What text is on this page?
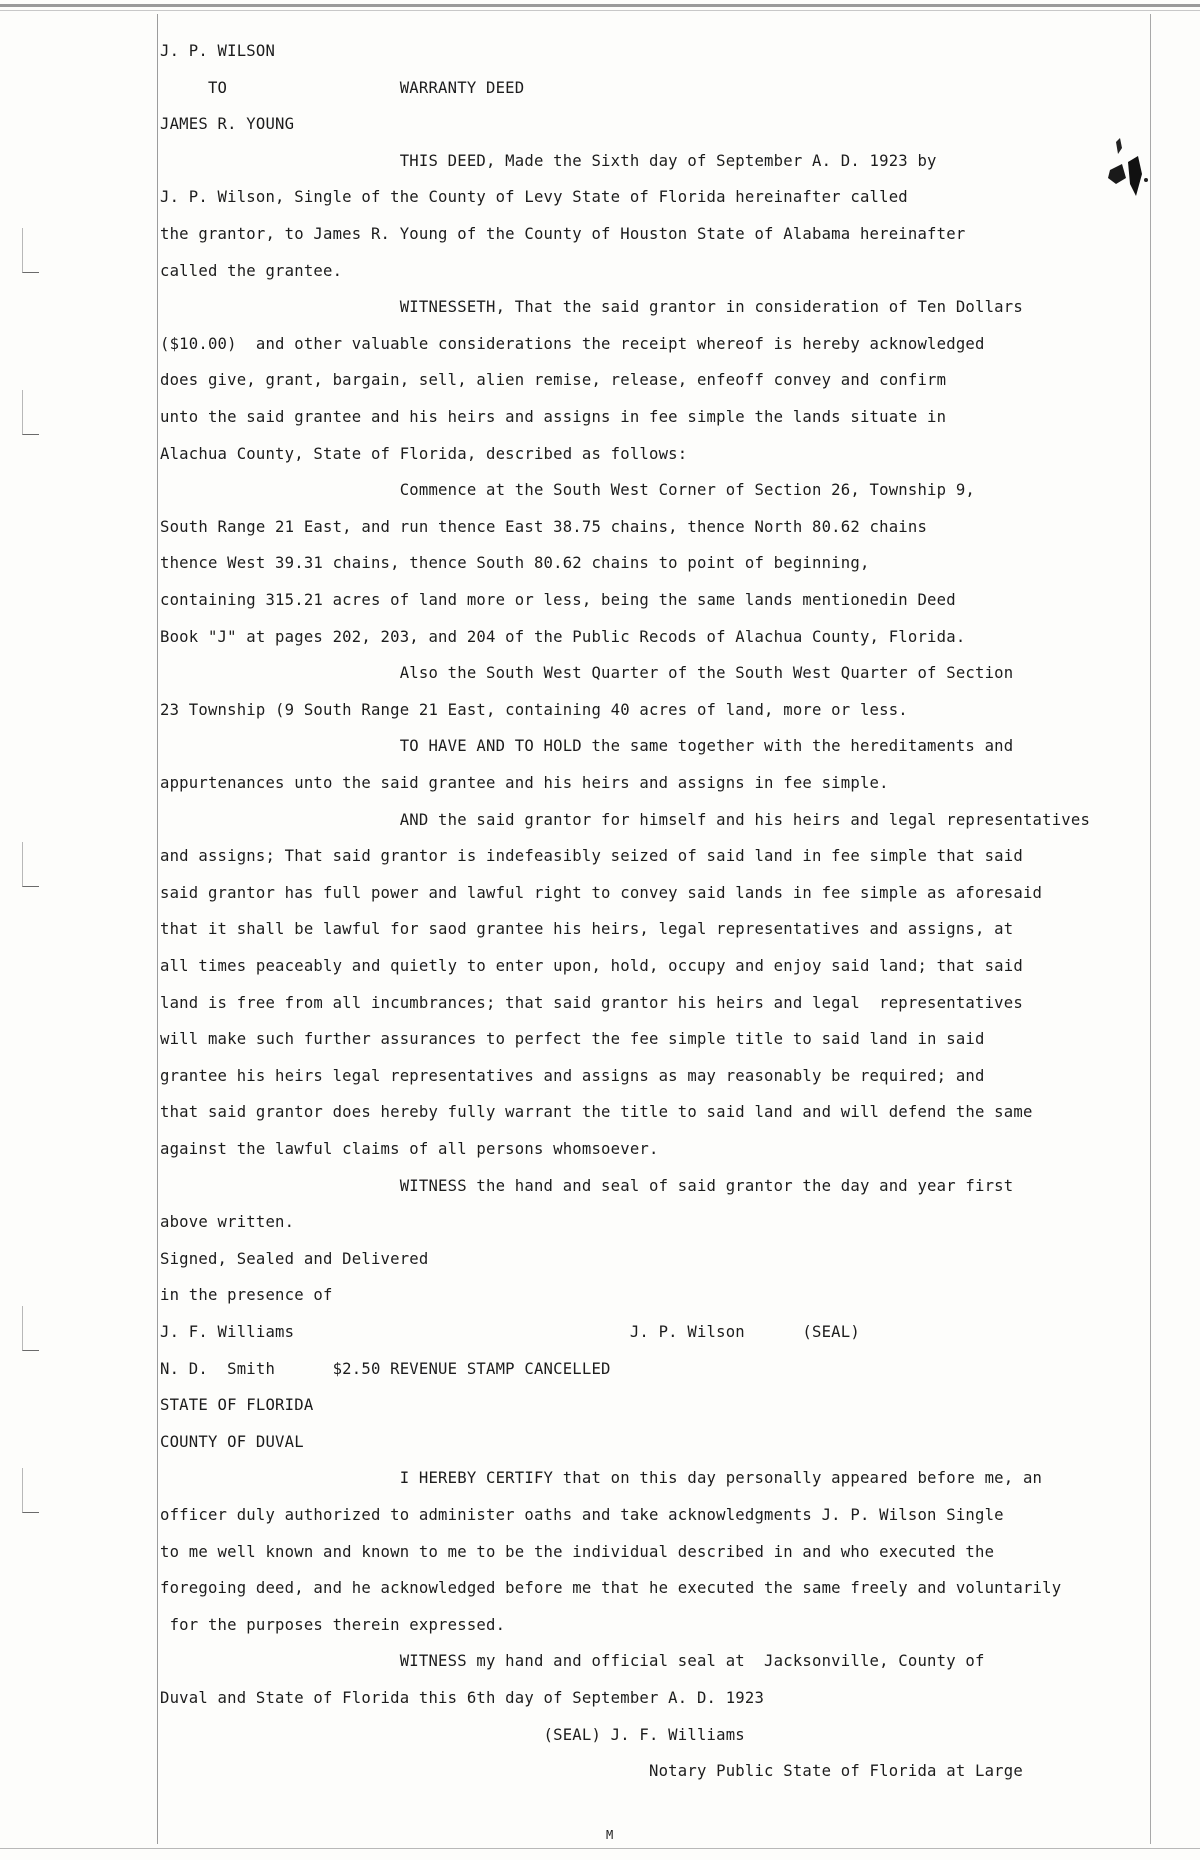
J. P. WILSON
TO                  WARRANTY DEED
JAMES R. YOUNG
THIS DEED, Made the Sixth day of September A. D. 1923 by
J. P. Wilson, Single of the County of Levy State of Florida hereinafter called
the grantor, to James R. Young of the County of Houston State of Alabama hereinafter
called the grantee.
WITNESSETH, That the said grantor in consideration of Ten Dollars
($10.00)  and other valuable considerations the receipt whereof is hereby acknowledged
does give, grant, bargain, sell, alien remise, release, enfeoff convey and confirm
unto the said grantee and his heirs and assigns in fee simple the lands situate in
Alachua County, State of Florida, described as follows:
Commence at the South West Corner of Section 26, Township 9,
South Range 21 East, and run thence East 38.75 chains, thence North 80.62 chains
thence West 39.31 chains, thence South 80.62 chains to point of beginning,
containing 315.21 acres of land more or less, being the same lands mentionedin Deed
Book "J" at pages 202, 203, and 204 of the Public Recods of Alachua County, Florida.
Also the South West Quarter of the South West Quarter of Section
23 Township (9 South Range 21 East, containing 40 acres of land, more or less.
TO HAVE AND TO HOLD the same together with the hereditaments and
appurtenances unto the said grantee and his heirs and assigns in fee simple.
AND the said grantor for himself and his heirs and legal representatives
and assigns; That said grantor is indefeasibly seized of said land in fee simple that said
said grantor has full power and lawful right to convey said lands in fee simple as aforesaid
that it shall be lawful for saod grantee his heirs, legal representatives and assigns, at
all times peaceably and quietly to enter upon, hold, occupy and enjoy said land; that said
land is free from all incumbrances; that said grantor his heirs and legal  representatives
will make such further assurances to perfect the fee simple title to said land in said
grantee his heirs legal representatives and assigns as may reasonably be required; and
that said grantor does hereby fully warrant the title to said land and will defend the same
against the lawful claims of all persons whomsoever.
WITNESS the hand and seal of said grantor the day and year first
above written.
Signed, Sealed and Delivered
in the presence of
J. F. Williams                                   J. P. Wilson      (SEAL)
N. D.  Smith      $2.50 REVENUE STAMP CANCELLED
STATE OF FLORIDA
COUNTY OF DUVAL
I HEREBY CERTIFY that on this day personally appeared before me, an
officer duly authorized to administer oaths and take acknowledgments J. P. Wilson Single
to me well known and known to me to be the individual described in and who executed the
foregoing deed, and he acknowledged before me that he executed the same freely and voluntarily
for the purposes therein expressed.
WITNESS my hand and official seal at  Jacksonville, County of
Duval and State of Florida this 6th day of September A. D. 1923
(SEAL) J. F. Williams
Notary Public State of Florida at Large
M
